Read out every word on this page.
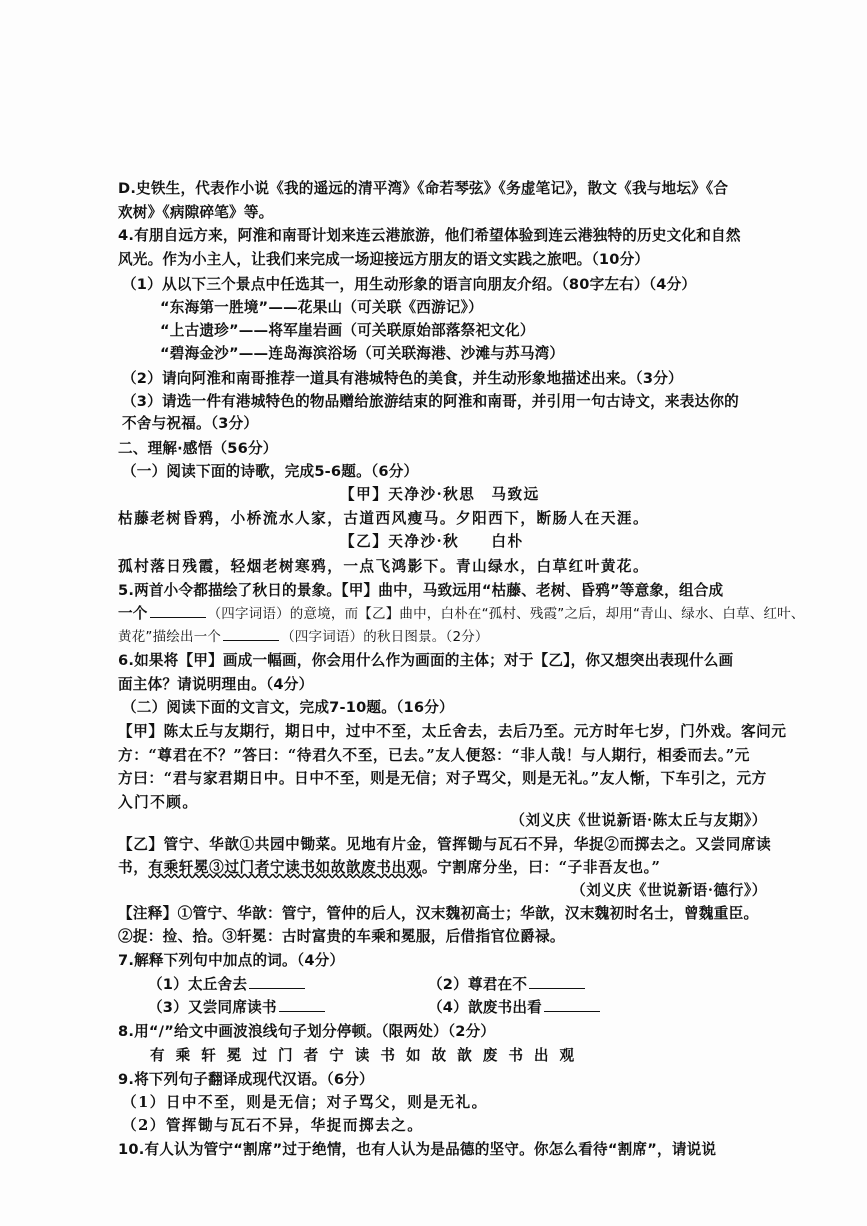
D.史铁生，代表作小说《我的遥远的清平湾》《命若琴弦》《务虚笔记》，散文《我与地坛》《合
欢树》《病隙碎笔》等。
4.有朋自远方来，阿淮和南哥计划来连云港旅游，他们希望体验到连云港独特的历史文化和自然
风光。作为小主人，让我们来完成一场迎接远方朋友的语文实践之旅吧。（10分）
（1）从以下三个景点中任选其一，用生动形象的语言向朋友介绍。（80字左右）（4分）
“东海第一胜境”——花果山（可关联《西游记》）
“上古遗珍”——将军崖岩画（可关联原始部落祭祀文化）
“碧海金沙”——连岛海滨浴场（可关联海港、沙滩与苏马湾）
（2）请向阿淮和南哥推荐一道具有港城特色的美食，并生动形象地描述出来。（3分）
（3）请选一件有港城特色的物品赠给旅游结束的阿淮和南哥，并引用一句古诗文，来表达你的
不舍与祝福。（3分）
二、理解·感悟（56分）
（一）阅读下面的诗歌，完成5-6题。（6分）
【甲】天净沙·秋思　马致远
枯藤老树昏鸦，小桥流水人家，古道西风瘦马。夕阳西下，断肠人在天涯。
【乙】天净沙·秋　　白朴
孤村落日残霞，轻烟老树寒鸦，一点飞鸿影下。青山绿水，白草红叶黄花。
5.两首小令都描绘了秋日的景象。【甲】曲中，马致远用“枯藤、老树、昏鸦”等意象，组合成
一个	（四字词语）的意境，而【乙】曲中，白朴在“孤村、残霞”之后，却用“青山、绿水、白草、红叶、
黄花”描绘出一个	（四字词语）的秋日图景。（2分）
6.如果将【甲】画成一幅画，你会用什么作为画面的主体；对于【乙】，你又想突出表现什么画
面主体？请说明理由。（4分）
（二）阅读下面的文言文，完成7-10题。（16分）
【甲】陈太丘与友期行，期日中，过中不至，太丘舍去，去后乃至。元方时年七岁，门外戏。客问元
方：“尊君在不？”答曰：“待君久不至，已去。”友人便怒：“非人哉！与人期行，相委而去。”元
方曰：“君与家君期日中。日中不至，则是无信；对子骂父，则是无礼。”友人惭，下车引之，元方
入门不顾。
（刘义庆《世说新语·陈太丘与友期》）
【乙】管宁、华歆①共园中锄菜。见地有片金，管挥锄与瓦石不异，华捉②而掷去之。又尝同席读
书，有乘轩冕③过门者宁读书如故歆废书出观。宁割席分坐，曰：“子非吾友也。”
（刘义庆《世说新语·德行》）
【注释】①管宁、华歆：管宁，管仲的后人，汉末魏初高士；华歆，汉末魏初时名士，曾魏重臣。
②捉：捡、拾。③轩冕：古时富贵的车乘和冕服，后借指官位爵禄。
7.解释下列句中加点的词。（4分）
（1）太丘舍去	（2）尊君在不
（3）又尝同席读书	（4）歆废书出看
8.用“/”给文中画波浪线句子划分停顿。（限两处）（2分）
有乘轩冕过门者宁读书如故歆废书出观
9.将下列句子翻译成现代汉语。（6分）
（1）日中不至，则是无信；对子骂父，则是无礼。
（2）管挥锄与瓦石不异，华捉而掷去之。
10.有人认为管宁“割席”过于绝情，也有人认为是品德的坚守。你怎么看待“割席”，请说说
